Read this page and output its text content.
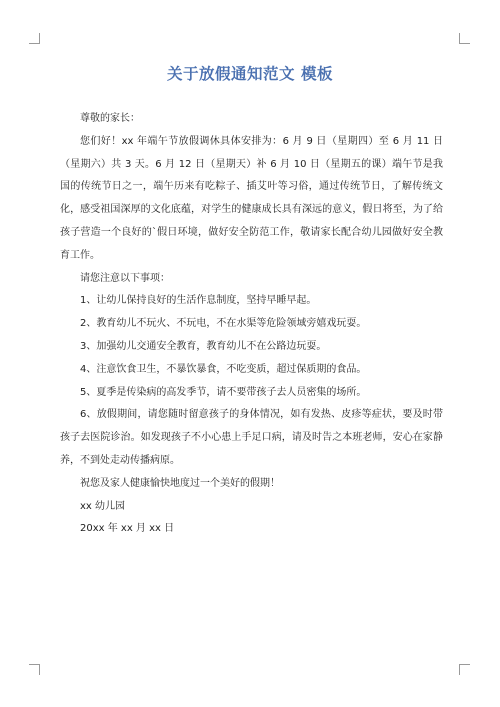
关于放假通知范文 模板

尊敬的家长：

您们好！xx 年端午节放假调休具体安排为：6 月 9 日（星期四）至 6 月 11 日（星期六）共 3 天。6 月 12 日（星期天）补 6 月 10 日（星期五的课）端午节是我国的传统节日之一，端午历来有吃粽子、插艾叶等习俗，通过传统节日，了解传统文化，感受祖国深厚的文化底蕴，对学生的健康成长具有深远的意义，假日将至，为了给孩子营造一个良好的`假日环境，做好安全防范工作，敬请家长配合幼儿园做好安全教育工作。

请您注意以下事项：

1、让幼儿保持良好的生活作息制度，坚持早睡早起。

2、教育幼儿不玩火、不玩电，不在水渠等危险领域旁嬉戏玩耍。

3、加强幼儿交通安全教育，教育幼儿不在公路边玩耍。

4、注意饮食卫生，不暴饮暴食，不吃变质，超过保质期的食品。

5、夏季是传染病的高发季节，请不要带孩子去人员密集的场所。

6、放假期间，请您随时留意孩子的身体情况，如有发热、皮疹等症状，要及时带孩子去医院诊治。如发现孩子不小心患上手足口病，请及时告之本班老师，安心在家静养，不到处走动传播病原。

祝您及家人健康愉快地度过一个美好的假期！

xx 幼儿园

20xx 年 xx 月 xx 日
